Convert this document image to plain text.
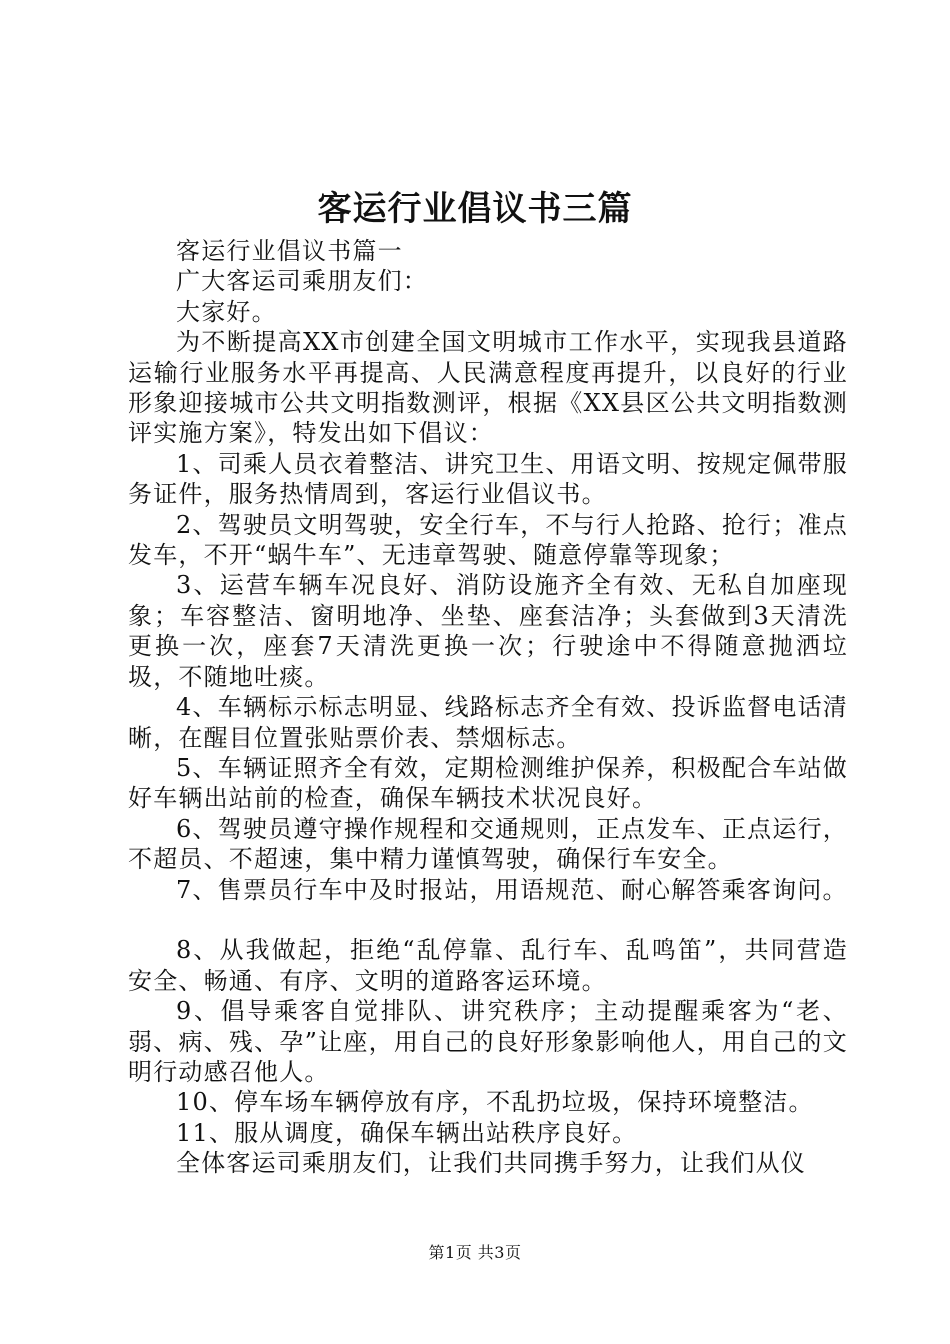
客运行业倡议书三篇

客运行业倡议书篇一

广大客运司乘朋友们：

大家好。

为不断提高XX市创建全国文明城市工作水平，实现我县道路运输行业服务水平再提高、人民满意程度再提升，以良好的行业形象迎接城市公共文明指数测评，根据《XX县区公共文明指数测评实施方案》，特发出如下倡议：

1、司乘人员衣着整洁、讲究卫生、用语文明、按规定佩带服务证件，服务热情周到，客运行业倡议书。

2、驾驶员文明驾驶，安全行车，不与行人抢路、抢行；准点发车，不开“蜗牛车”、无违章驾驶、随意停靠等现象；

3、运营车辆车况良好、消防设施齐全有效、无私自加座现象；车容整洁、窗明地净、坐垫、座套洁净；头套做到3天清洗更换一次，座套7天清洗更换一次；行驶途中不得随意抛洒垃圾，不随地吐痰。

4、车辆标示标志明显、线路标志齐全有效、投诉监督电话清晰，在醒目位置张贴票价表、禁烟标志。

5、车辆证照齐全有效，定期检测维护保养，积极配合车站做好车辆出站前的检查，确保车辆技术状况良好。

6、驾驶员遵守操作规程和交通规则，正点发车、正点运行，不超员、不超速，集中精力谨慎驾驶，确保行车安全。

7、售票员行车中及时报站，用语规范、耐心解答乘客询问。

8、从我做起，拒绝“乱停靠、乱行车、乱鸣笛”，共同营造安全、畅通、有序、文明的道路客运环境。

9、倡导乘客自觉排队、讲究秩序；主动提醒乘客为“老、弱、病、残、孕”让座，用自己的良好形象影响他人，用自己的文明行动感召他人。

10、停车场车辆停放有序，不乱扔垃圾，保持环境整洁。

11、服从调度，确保车辆出站秩序良好。

全体客运司乘朋友们，让我们共同携手努力，让我们从仪

第1页 共3页
